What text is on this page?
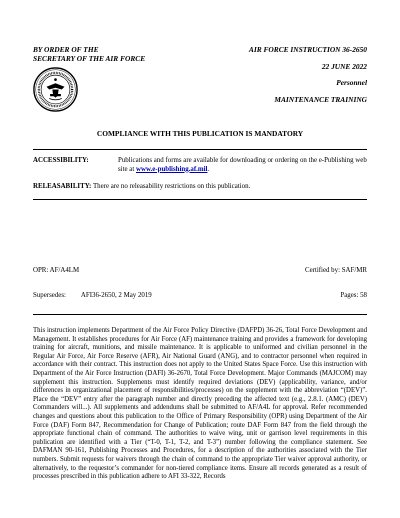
BY ORDER OF THE
SECRETARY OF THE AIR FORCE
AIR FORCE INSTRUCTION 36-2650
22 JUNE 2022
Personnel
MAINTENANCE TRAINING
COMPLIANCE WITH THIS PUBLICATION IS MANDATORY
ACCESSIBILITY:	Publications and forms are available for downloading or ordering on the e-Publishing web site at www.e-publishing.af.mil.
RELEASABILITY: There are no releasability restrictions on this publication.
OPR: AF/A4LM	Certified by: SAF/MR
Supersedes: AFI36-2650, 2 May 2019	Pages: 58
This instruction implements Department of the Air Force Policy Directive (DAFPD) 36-26, Total Force Development and Management. It establishes procedures for Air Force (AF) maintenance training and provides a framework for developing training for aircraft, munitions, and missile maintenance. It is applicable to uniformed and civilian personnel in the Regular Air Force, Air Force Reserve (AFR), Air National Guard (ANG), and to contractor personnel when required in accordance with their contract. This instruction does not apply to the United States Space Force. Use this instruction with Department of the Air Force Instruction (DAFI) 36-2670, Total Force Development. Major Commands (MAJCOM) may supplement this instruction. Supplements must identify required deviations (DEV) (applicability, variance, and/or differences in organizational placement of responsibilities/processes) on the supplement with the abbreviation “(DEV)”. Place the “DEV” entry after the paragraph number and directly preceding the affected text (e.g., 2.8.1. (AMC) (DEV) Commanders will...). All supplements and addendums shall be submitted to AF/A4L for approval. Refer recommended changes and questions about this publication to the Office of Primary Responsibility (OPR) using Department of the Air Force (DAF) Form 847, Recommendation for Change of Publication; route DAF Form 847 from the field through the appropriate functional chain of command. The authorities to waive wing, unit or garrison level requirements in this publication are identified with a Tier (“T-0, T-1, T-2, and T-3”) number following the compliance statement. See DAFMAN 90-161, Publishing Processes and Procedures, for a description of the authorities associated with the Tier numbers. Submit requests for waivers through the chain of command to the appropriate Tier waiver approval authority, or alternatively, to the requestor’s commander for non-tiered compliance items. Ensure all records generated as a result of processes prescribed in this publication adhere to AFI 33-322, Records
